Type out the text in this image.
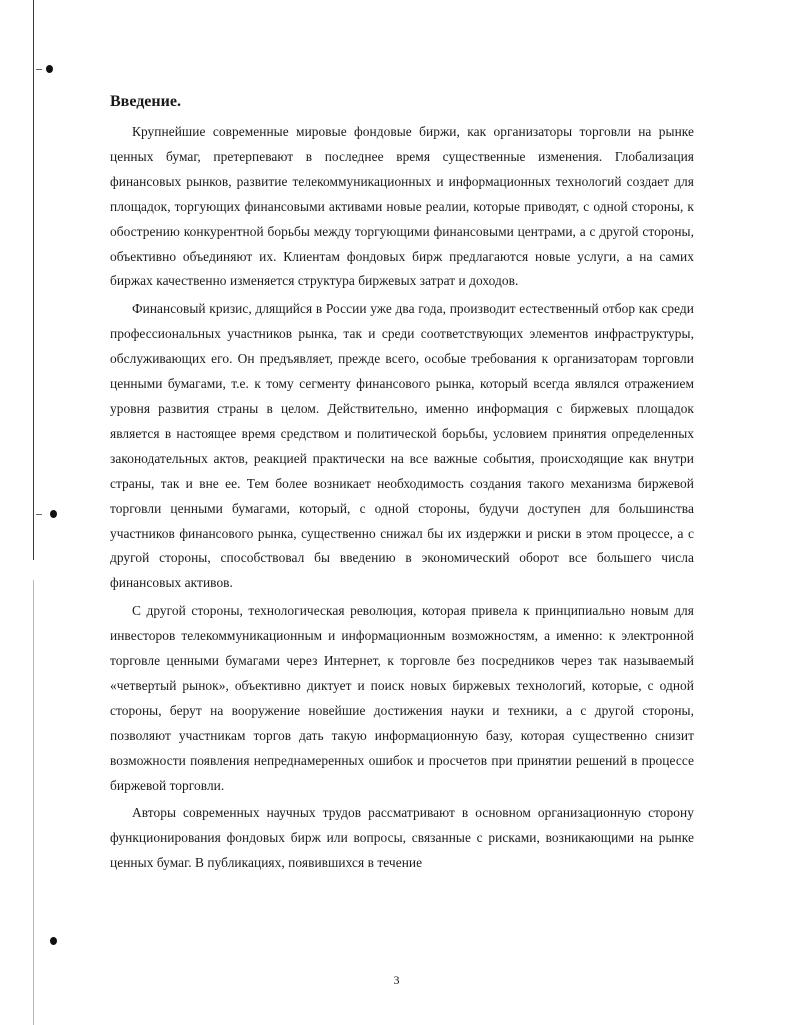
Введение.

Крупнейшие современные мировые фондовые биржи, как организаторы торговли на рынке ценных бумаг, претерпевают в последнее время существенные изменения. Глобализация финансовых рынков, развитие телекоммуникационных и информационных технологий создает для площадок, торгующих финансовыми активами новые реалии, которые приводят, с одной стороны, к обострению конкурентной борьбы между торгующими финансовыми центрами, а с другой стороны, объективно объединяют их. Клиентам фондовых бирж предлагаются новые услуги, а на самих биржах качественно изменяется структура биржевых затрат и доходов.

Финансовый кризис, длящийся в России уже два года, производит естественный отбор как среди профессиональных участников рынка, так и среди соответствующих элементов инфраструктуры, обслуживающих его. Он предъявляет, прежде всего, особые требования к организаторам торговли ценными бумагами, т.е. к тому сегменту финансового рынка, который всегда являлся отражением уровня развития страны в целом. Действительно, именно информация с биржевых площадок является в настоящее время средством и политической борьбы, условием принятия определенных законодательных актов, реакцией практически на все важные события, происходящие как внутри страны, так и вне ее. Тем более возникает необходимость создания такого механизма биржевой торговли ценными бумагами, который, с одной стороны, будучи доступен для большинства участников финансового рынка, существенно снижал бы их издержки и риски в этом процессе, а с другой стороны, способствовал бы введению в экономический оборот все большего числа финансовых активов.

С другой стороны, технологическая революция, которая привела к принципиально новым для инвесторов телекоммуникационным и информационным возможностям, а именно: к электронной торговле ценными бумагами через Интернет, к торговле без посредников через так называемый «четвертый рынок», объективно диктует и поиск новых биржевых технологий, которые, с одной стороны, берут на вооружение новейшие достижения науки и техники, а с другой стороны, позволяют участникам торгов дать такую информационную базу, которая существенно снизит возможности появления непреднамеренных ошибок и просчетов при принятии решений в процессе биржевой торговли.

Авторы современных научных трудов рассматривают в основном организационную сторону функционирования фондовых бирж или вопросы, связанные с рисками, возникающими на рынке ценных бумаг. В публикациях, появившихся в течение

3
